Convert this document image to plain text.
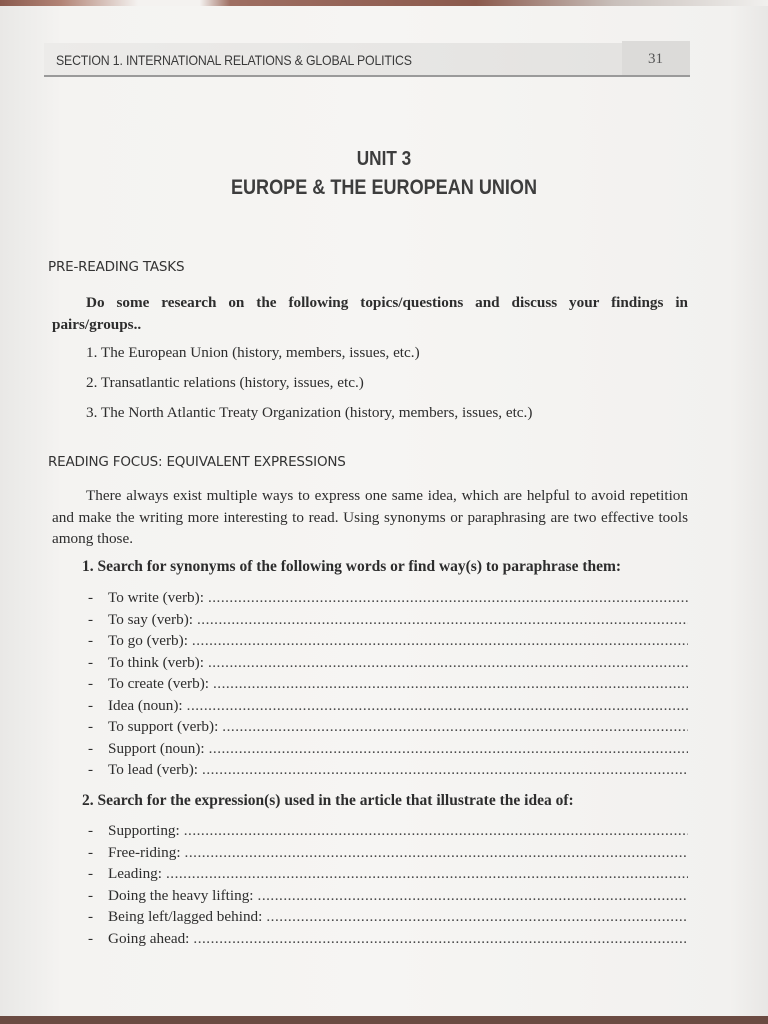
SECTION 1. INTERNATIONAL RELATIONS & GLOBAL POLITICS	31
UNIT 3
EUROPE & THE EUROPEAN UNION
PRE-READING TASKS
Do some research on the following topics/questions and discuss your findings in pairs/groups..
1. The European Union (history, members, issues, etc.)
2. Transatlantic relations (history, issues, etc.)
3. The North Atlantic Treaty Organization (history, members, issues, etc.)
READING FOCUS: EQUIVALENT EXPRESSIONS
There always exist multiple ways to express one same idea, which are helpful to avoid repetition and make the writing more interesting to read. Using synonyms or paraphrasing are two effective tools among those.
1. Search for synonyms of the following words or find way(s) to paraphrase them:
- To write (verb):
.....
- To say (verb):
.....
- To go (verb):
.....
- To think (verb):
.....
- To create (verb):
.....
- Idea (noun):
.....
- To support (verb):
.....
- Support (noun):
.....
- To lead (verb):
.....
2. Search for the expression(s) used in the article that illustrate the idea of:
- Supporting:
.....
- Free-riding:
.....
- Leading:
.....
- Doing the heavy lifting:
.....
- Being left/lagged behind:
.....
- Going ahead:
.....
